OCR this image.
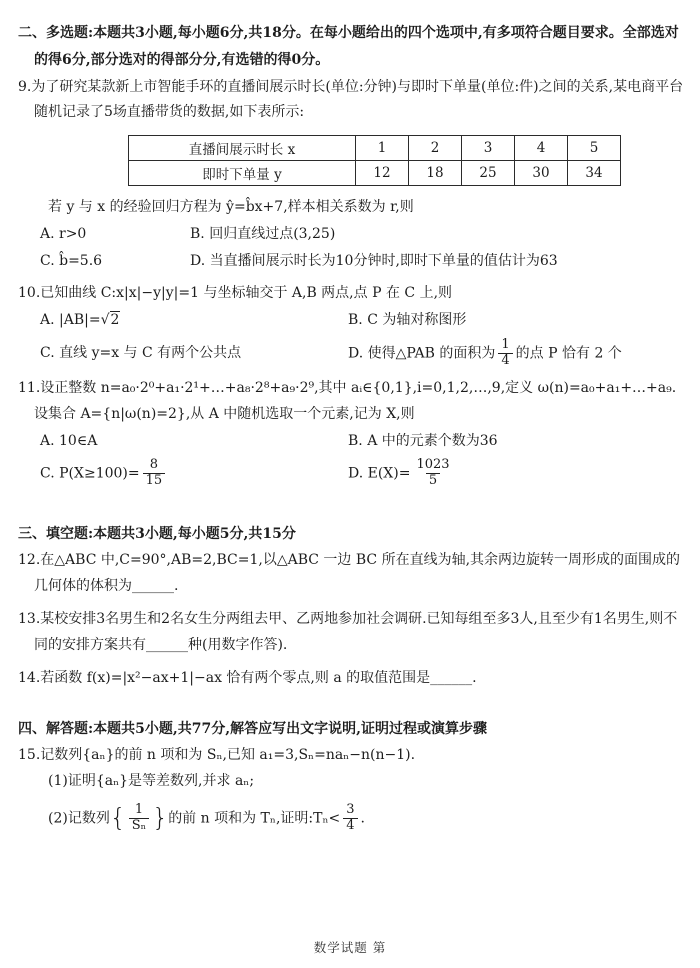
二、多选题:本题共3小题,每小题6分,共18分。在每小题给出的四个选项中,有多项符合题目要求。全部选对的得6分,部分选对的得部分分,有选错的得0分。

9.为了研究某款新上市智能手环的直播间展示时长(单位:分钟)与即时下单量(单位:件)之间的关系,某电商平台随机记录了5场直播带货的数据,如下表所示:

直播间展示时长 x	1	2	3	4	5
即时下单量 y	12	18	25	30	34

若 y 与 x 的经验回归方程为 ŷ=b̂x+7,样本相关系数为 r,则

A. r>0	B. 回归直线过点(3,25)
C. b̂=5.6	D. 当直播间展示时长为10分钟时,即时下单量的值估计为63

10.已知曲线 C:x|x|−y|y|=1 与坐标轴交于 A,B 两点,点 P 在 C 上,则

A. |AB|=√2	B. C 为轴对称图形
C. 直线 y=x 与 C 有两个公共点	D. 使得△PAB 的面积为 $\frac{1}{4}$ 的点 P 恰有 2 个

11.设正整数 n=a₀·2⁰+a₁·2¹+…+a₈·2⁸+a₉·2⁹,其中 aᵢ∈{0,1},i=0,1,2,…,9,定义 ω(n)=a₀+a₁+…+a₉.设集合 A={n|ω(n)=2},从 A 中随机选取一个元素,记为 X,则

A. 10∈A	B. A 中的元素个数为36
C. $P(X\ge 100)= \frac{8}{15}$	D. $E(X)= \frac{1023}{5}$

三、填空题:本题共3小题,每小题5分,共15分

12.在△ABC 中,C=90°,AB=2,BC=1,以△ABC 一边 BC 所在直线为轴,其余两边旋转一周形成的面围成的几何体的体积为______.

13.某校安排3名男生和2名女生分两组去甲、乙两地参加社会调研.已知每组至多3人,且至少有1名男生,则不同的安排方案共有______种(用数字作答).

14.若函数 f(x)=|x²−ax+1|−ax 恰有两个零点,则 a 的取值范围是______.

四、解答题:本题共5小题,共77分,解答应写出文字说明,证明过程或演算步骤

15.记数列{aₙ}的前 n 项和为 Sₙ,已知 a₁=3,Sₙ=naₙ−n(n−1).

(1)证明{aₙ}是等差数列,并求 aₙ;

(2)记数列{ $\frac{1}{\text{Sₙ}}$ }的前 n 项和为 Tₙ,证明:Tₙ< $\frac{3}{4}$ .

数学试题 第
